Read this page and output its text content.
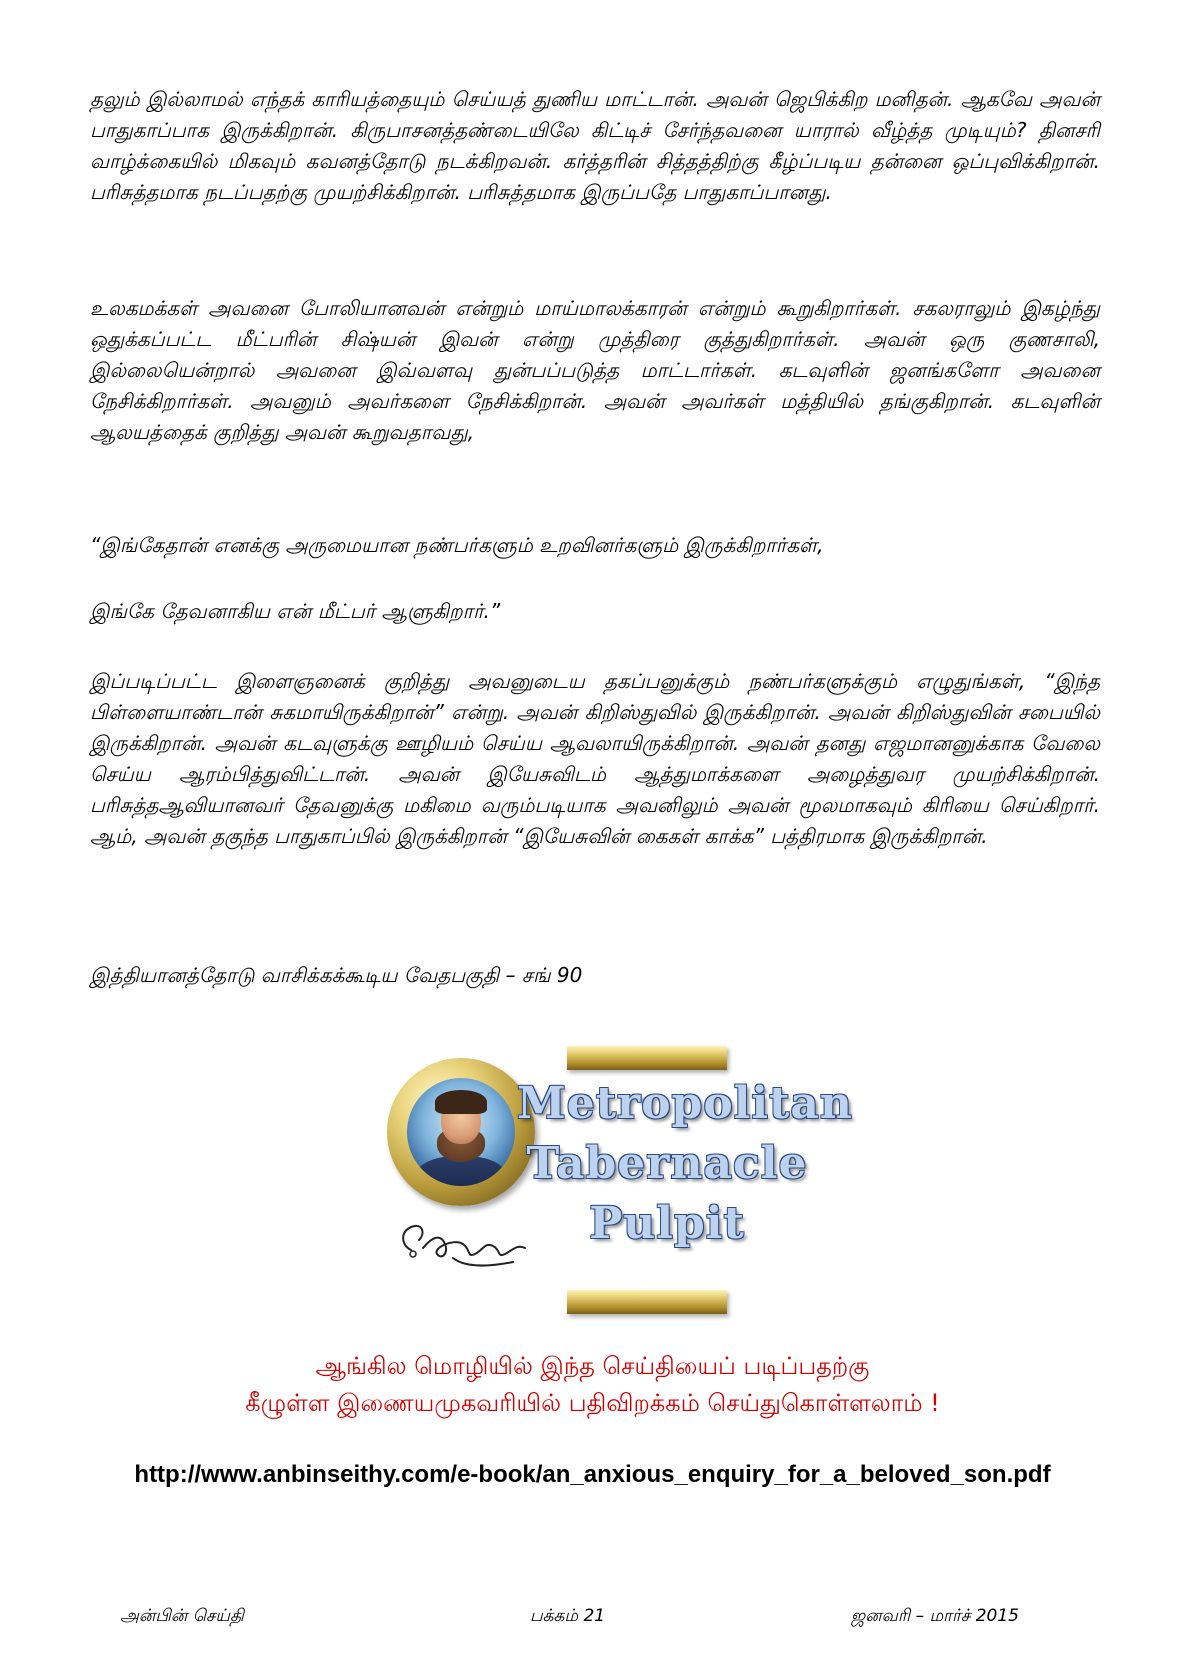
தலும் இல்லாமல் எந்தக் காரியத்தையும் செய்யத் துணிய மாட்டான். அவன் ஜெபிக்கிற மனிதன். ஆகவே அவன் பாதுகாப்பாக இருக்கிறான். கிருபாசனத்தண்டையிலே கிட்டிச் சேர்ந்தவனை யாரால் வீழ்த்த முடியும்? தினசரி வாழ்க்கையில் மிகவும் கவனத்தோடு நடக்கிறவன். கர்த்தரின் சித்தத்திற்கு கீழ்ப்படிய தன்னை ஒப்புவிக்கிறான். பரிசுத்தமாக நடப்பதற்கு முயற்சிக்கிறான். பரிசுத்தமாக இருப்பதே பாதுகாப்பானது.

உலகமக்கள் அவனை போலியானவன் என்றும் மாய்மாலக்காரன் என்றும் கூறுகிறார்கள். சகலராலும் இகழ்ந்து ஒதுக்கப்பட்ட மீட்பரின் சிஷ்யன் இவன் என்று முத்திரை குத்துகிறார்கள். அவன் ஒரு குணசாலி, இல்லையென்றால் அவனை இவ்வளவு துன்பப்படுத்த மாட்டார்கள். கடவுளின் ஜனங்களோ அவனை நேசிக்கிறார்கள். அவனும் அவர்களை நேசிக்கிறான். அவன் அவர்கள் மத்தியில் தங்குகிறான். கடவுளின் ஆலயத்தைக் குறித்து அவன் கூறுவதாவது,

“இங்கேதான் எனக்கு அருமையான நண்பர்களும் உறவினர்களும் இருக்கிறார்கள்,

இங்கே தேவனாகிய என் மீட்பர் ஆளுகிறார்.”

இப்படிப்பட்ட இளைஞனைக் குறித்து அவனுடைய தகப்பனுக்கும் நண்பர்களுக்கும் எழுதுங்கள், “இந்த பிள்ளையாண்டான் சுகமாயிருக்கிறான்” என்று. அவன் கிறிஸ்துவில் இருக்கிறான். அவன் கிறிஸ்துவின் சபையில் இருக்கிறான். அவன் கடவுளுக்கு ஊழியம் செய்ய ஆவலாயிருக்கிறான். அவன் தனது எஜமானனுக்காக வேலை செய்ய ஆரம்பித்துவிட்டான். அவன் இயேசுவிடம் ஆத்துமாக்களை அழைத்துவர முயற்சிக்கிறான். பரிசுத்தஆவியானவர் தேவனுக்கு மகிமை வரும்படியாக அவனிலும் அவன் மூலமாகவும் கிரியை செய்கிறார். ஆம், அவன் தகுந்த பாதுகாப்பில் இருக்கிறான் “இயேசுவின் கைகள் காக்க” பத்திரமாக இருக்கிறான்.

இத்தியானத்தோடு வாசிக்கக்கூடிய வேதபகுதி – சங் 90

Metropolitan
Tabernacle
Pulpit
ஆங்கில மொழியில் இந்த செய்தியைப் படிப்பதற்கு
கீழுள்ள இணையமுகவரியில் பதிவிறக்கம் செய்துகொள்ளலாம் !
http://www.anbinseithy.com/e-book/an_anxious_enquiry_for_a_beloved_son.pdf
அன்பின் செய்தி	பக்கம் 21	ஜனவரி – மார்ச் 2015
